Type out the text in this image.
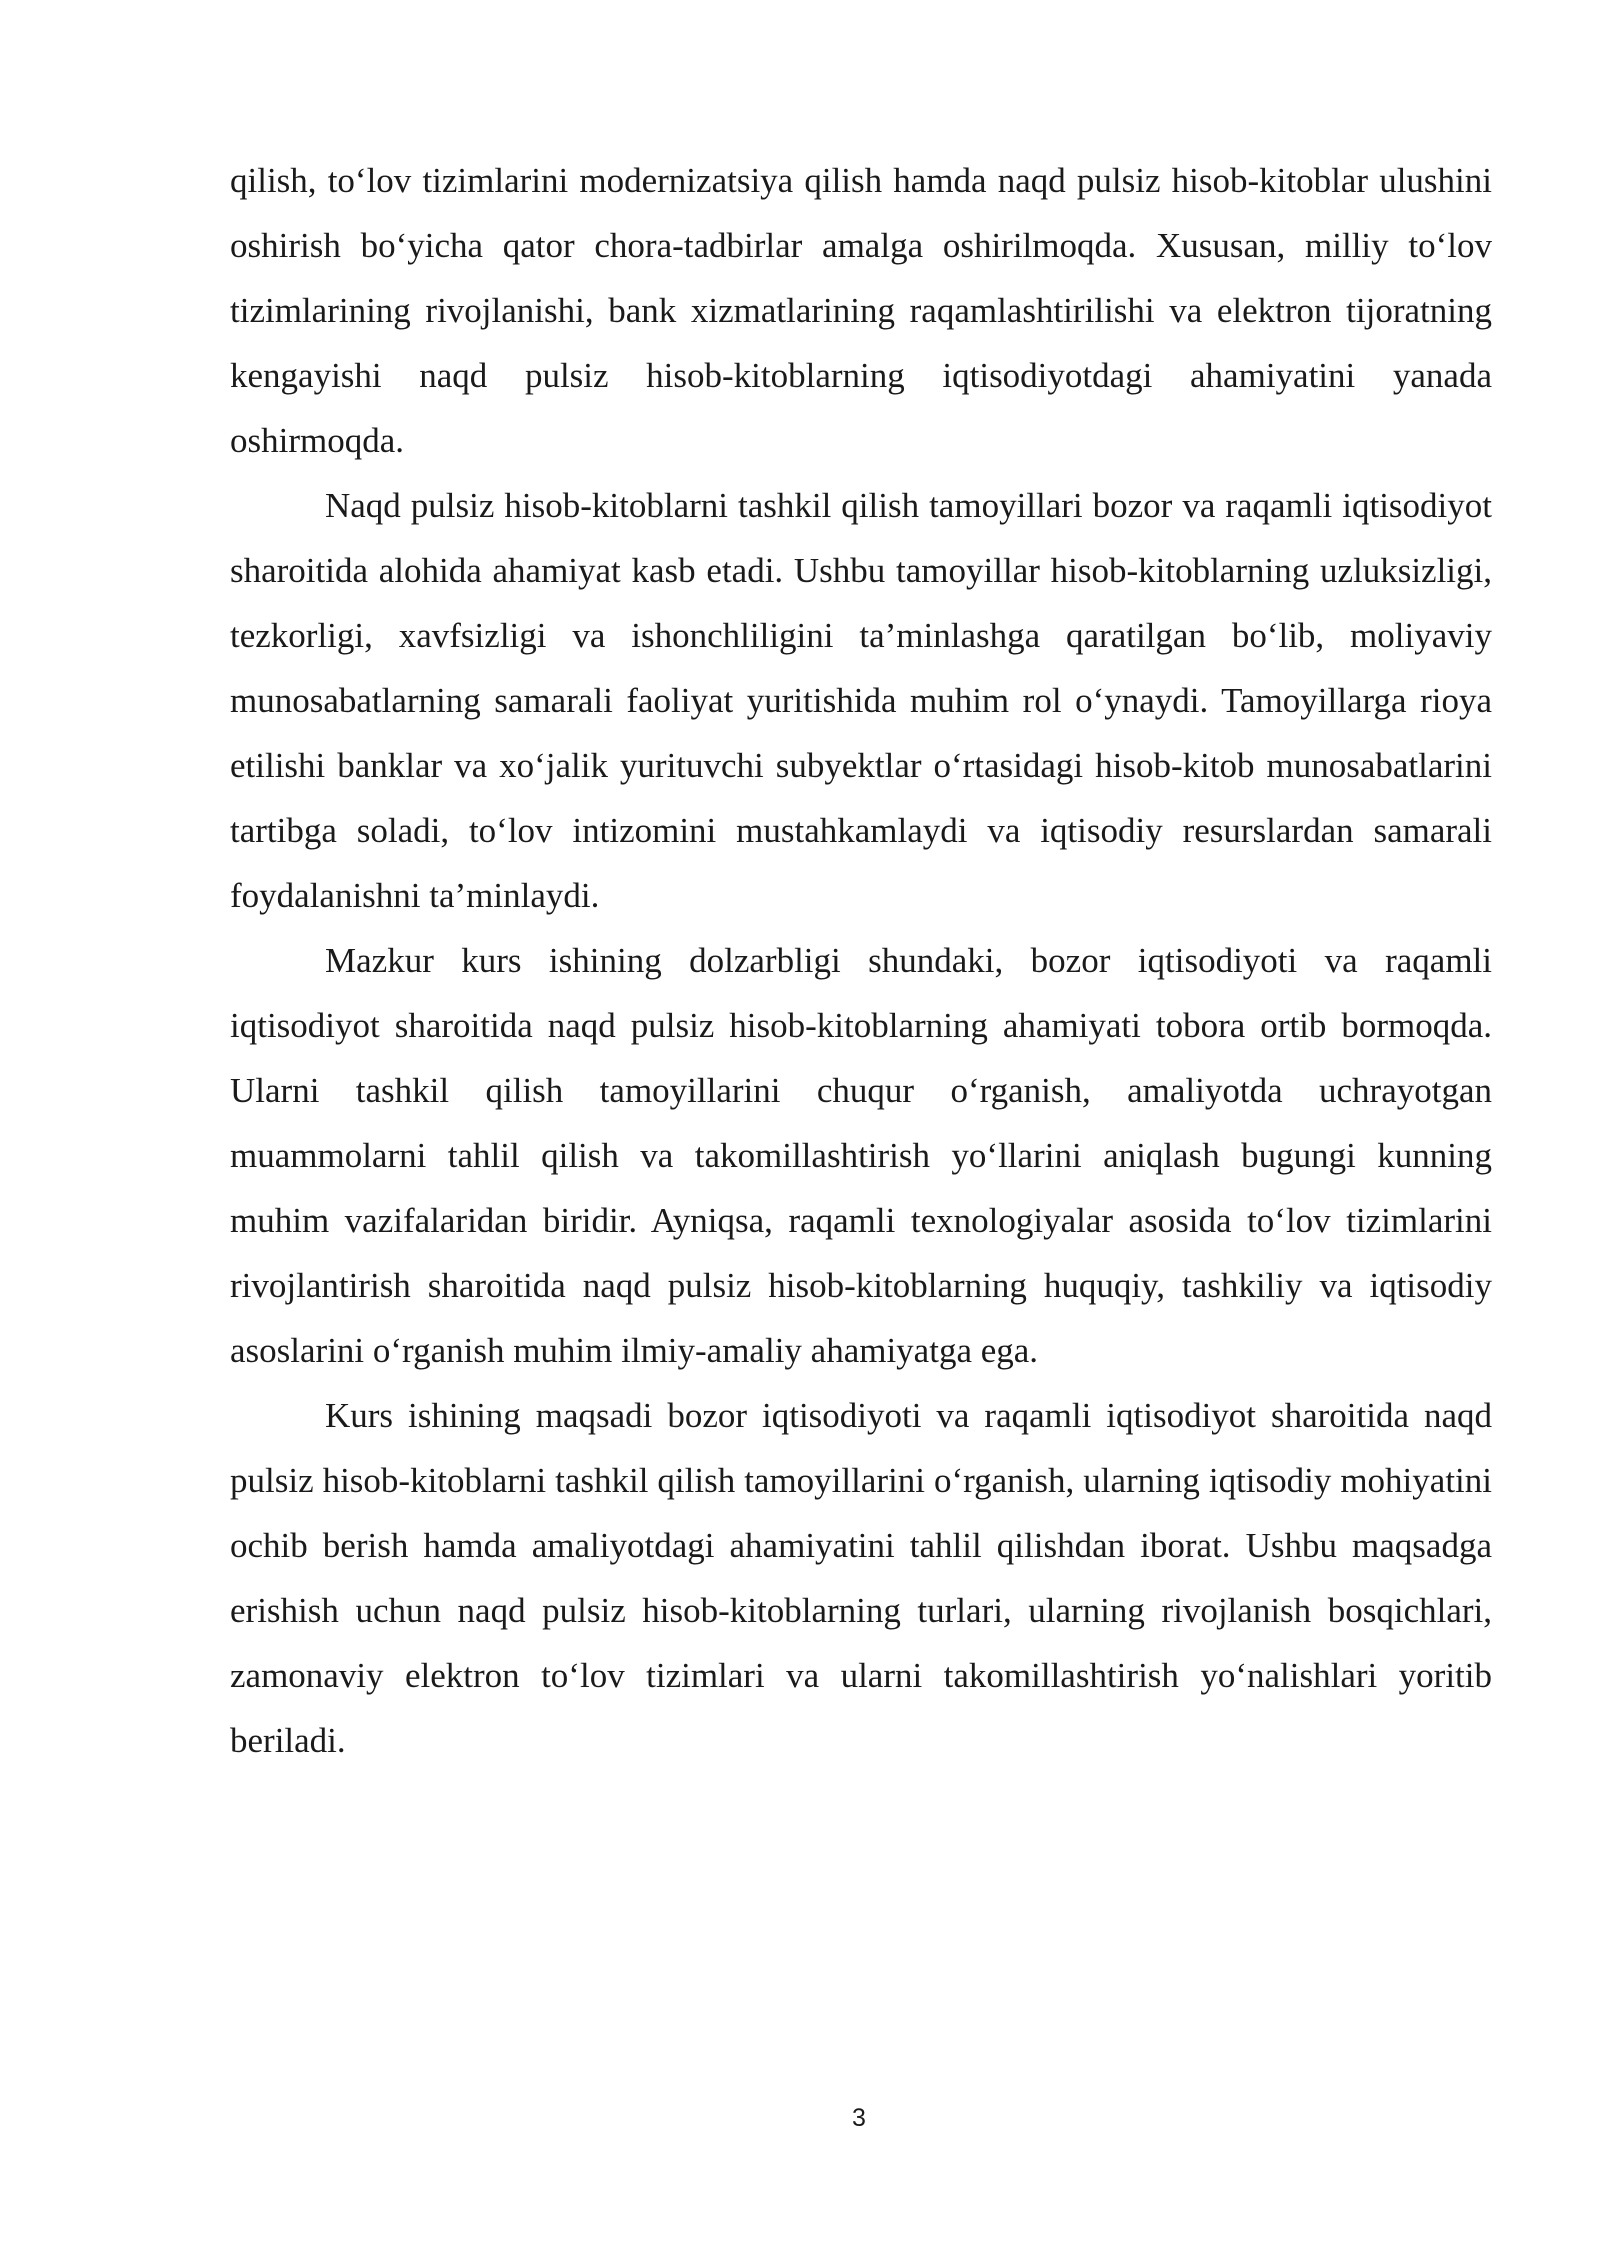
qilish, to‘lov tizimlarini modernizatsiya qilish hamda naqd pulsiz hisob-kitoblar ulushini oshirish bo‘yicha qator chora-tadbirlar amalga oshirilmoqda. Xususan, milliy to‘lov tizimlarining rivojlanishi, bank xizmatlarining raqamlashtirilishi va elektron tijoratning kengayishi naqd pulsiz hisob-kitoblarning iqtisodiyotdagi ahamiyatini yanada oshirmoqda.

Naqd pulsiz hisob-kitoblarni tashkil qilish tamoyillari bozor va raqamli iqtisodiyot sharoitida alohida ahamiyat kasb etadi. Ushbu tamoyillar hisob-kitoblarning uzluksizligi, tezkorligi, xavfsizligi va ishonchliligini ta’minlashga qaratilgan bo‘lib, moliyaviy munosabatlarning samarali faoliyat yuritishida muhim rol o‘ynaydi. Tamoyillarga rioya etilishi banklar va xo‘jalik yurituvchi subyektlar o‘rtasidagi hisob-kitob munosabatlarini tartibga soladi, to‘lov intizomini mustahkamlaydi va iqtisodiy resurslardan samarali foydalanishni ta’minlaydi.

Mazkur kurs ishining dolzarbligi shundaki, bozor iqtisodiyoti va raqamli iqtisodiyot sharoitida naqd pulsiz hisob-kitoblarning ahamiyati tobora ortib bormoqda. Ularni tashkil qilish tamoyillarini chuqur o‘rganish, amaliyotda uchrayotgan muammolarni tahlil qilish va takomillashtirish yo‘llarini aniqlash bugungi kunning muhim vazifalaridan biridir. Ayniqsa, raqamli texnologiyalar asosida to‘lov tizimlarini rivojlantirish sharoitida naqd pulsiz hisob-kitoblarning huquqiy, tashkiliy va iqtisodiy asoslarini o‘rganish muhim ilmiy-amaliy ahamiyatga ega.

Kurs ishining maqsadi bozor iqtisodiyoti va raqamli iqtisodiyot sharoitida naqd pulsiz hisob-kitoblarni tashkil qilish tamoyillarini o‘rganish, ularning iqtisodiy mohiyatini ochib berish hamda amaliyotdagi ahamiyatini tahlil qilishdan iborat. Ushbu maqsadga erishish uchun naqd pulsiz hisob-kitoblarning turlari, ularning rivojlanish bosqichlari, zamonaviy elektron to‘lov tizimlari va ularni takomillashtirish yo‘nalishlari yoritib beriladi.

3
